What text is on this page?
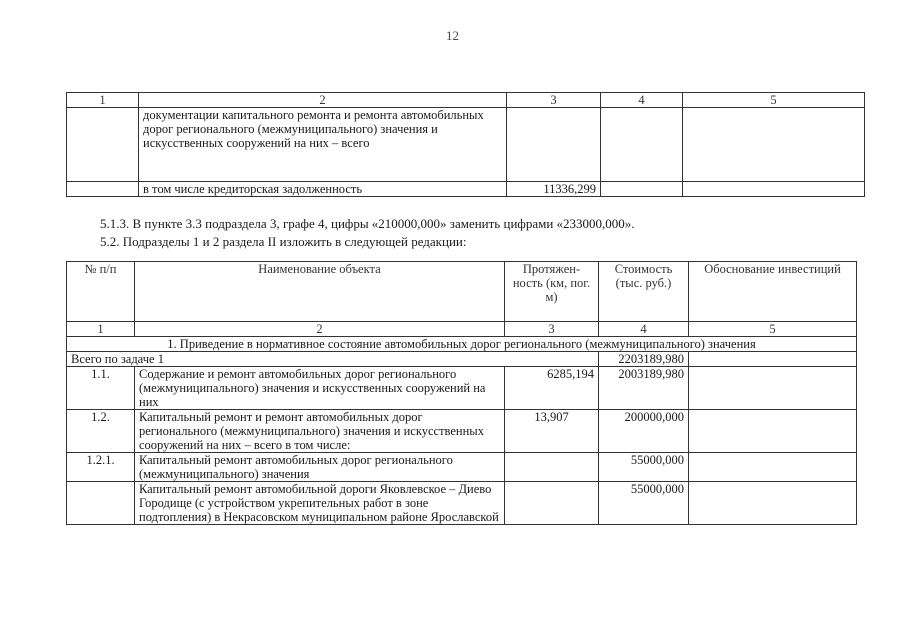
12
1	2	3	4	5
	документации капитального ремонта и ремонта автомобильных дорог регионального (межмуниципального) значения и искусственных сооружений на них – всего			
	в том числе кредиторская задолженность	11336,299		
5.1.3. В пункте 3.3 подраздела 3, графе 4, цифры «210000,000» заменить цифрами «233000,000».
5.2. Подразделы 1 и 2 раздела II изложить в следующей редакции:
№ п/п	Наименование объекта	Протяжен-ность (км, пог. м)	Стоимость (тыс. руб.)	Обоснование инвестиций
1	2	3	4	5
1. Приведение в нормативное состояние автомобильных дорог регионального (межмуниципального) значения				
Всего по задаче 1			2203189,980	
1.1.	Содержание и ремонт автомобильных дорог регионального (межмуниципального) значения и искусственных сооружений на них	6285,194	2003189,980	
1.2.	Капитальный ремонт и ремонт автомобильных дорог регионального (межмуниципального) значения и искусственных сооружений на них – всего в том числе:	13,907	200000,000	
1.2.1.	Капитальный ремонт автомобильных дорог регионального (межмуниципального) значения		55000,000	
	Капитальный ремонт автомобильной дороги Яковлевское – Диево Городище (с устройством укрепительных работ в зоне подтопления) в Некрасовском муниципальном районе Ярославской		55000,000	
